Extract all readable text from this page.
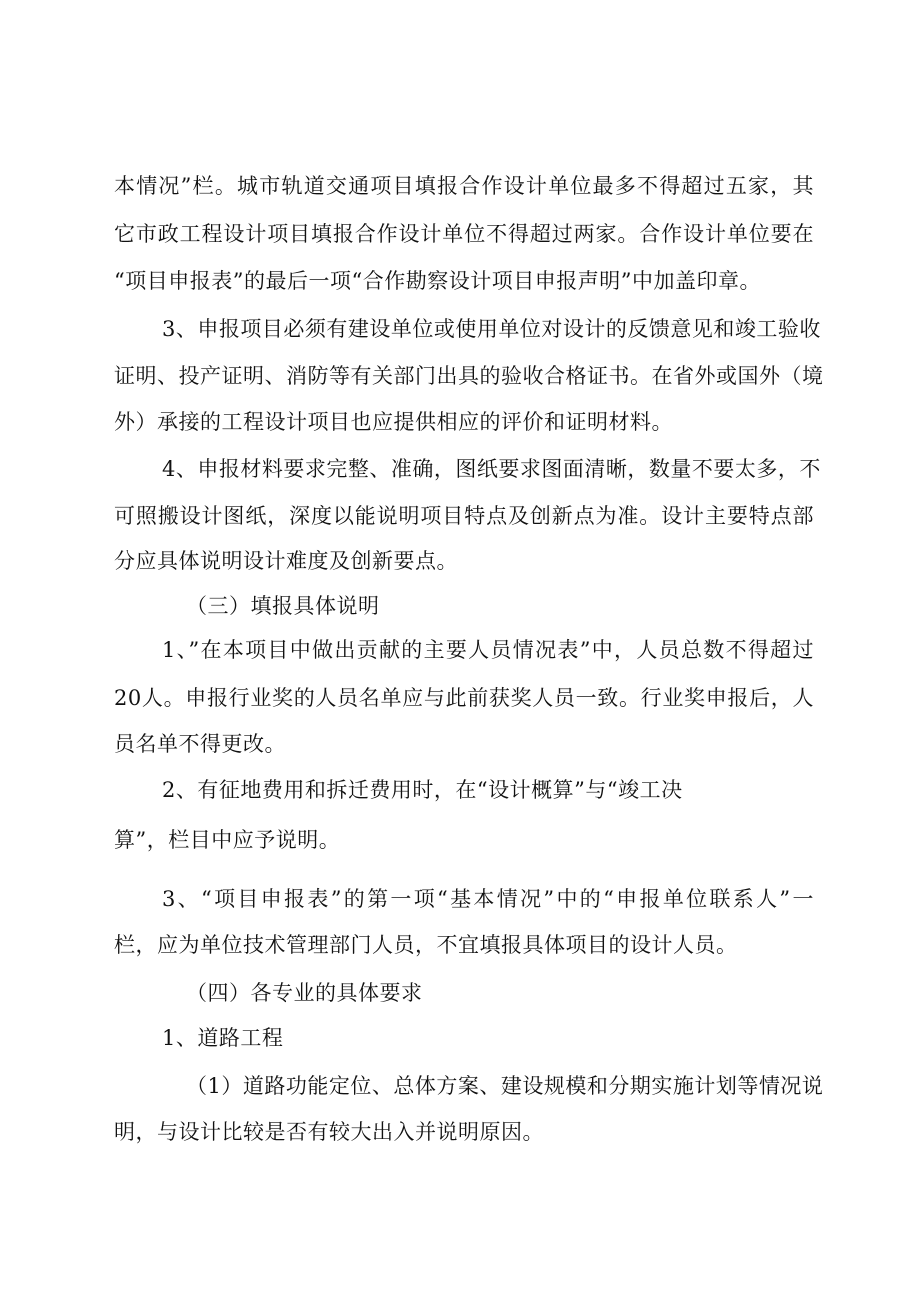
本情况”栏。城市轨道交通项目填报合作设计单位最多不得超过五家，其
它市政工程设计项目填报合作设计单位不得超过两家。合作设计单位要在
“项目申报表”的最后一项“合作勘察设计项目申报声明”中加盖印章。
3、申报项目必须有建设单位或使用单位对设计的反馈意见和竣工验收
证明、投产证明、消防等有关部门出具的验收合格证书。在省外或国外（境
外）承接的工程设计项目也应提供相应的评价和证明材料。
4、申报材料要求完整、准确，图纸要求图面清晰，数量不要太多，不
可照搬设计图纸，深度以能说明项目特点及创新点为准。设计主要特点部
分应具体说明设计难度及创新要点。
（三）填报具体说明
1、”在本项目中做出贡献的主要人员情况表”中，人员总数不得超过
20人。申报行业奖的人员名单应与此前获奖人员一致。行业奖申报后，人
员名单不得更改。
2、有征地费用和拆迁费用时，在“设计概算”与“竣工决
算”，栏目中应予说明。
3、“项目申报表”的第一项“基本情况”中的“申报单位联系人”一
栏，应为单位技术管理部门人员，不宜填报具体项目的设计人员。
（四）各专业的具体要求
1、道路工程
（1）道路功能定位、总体方案、建设规模和分期实施计划等情况说
明，与设计比较是否有较大出入并说明原因。
